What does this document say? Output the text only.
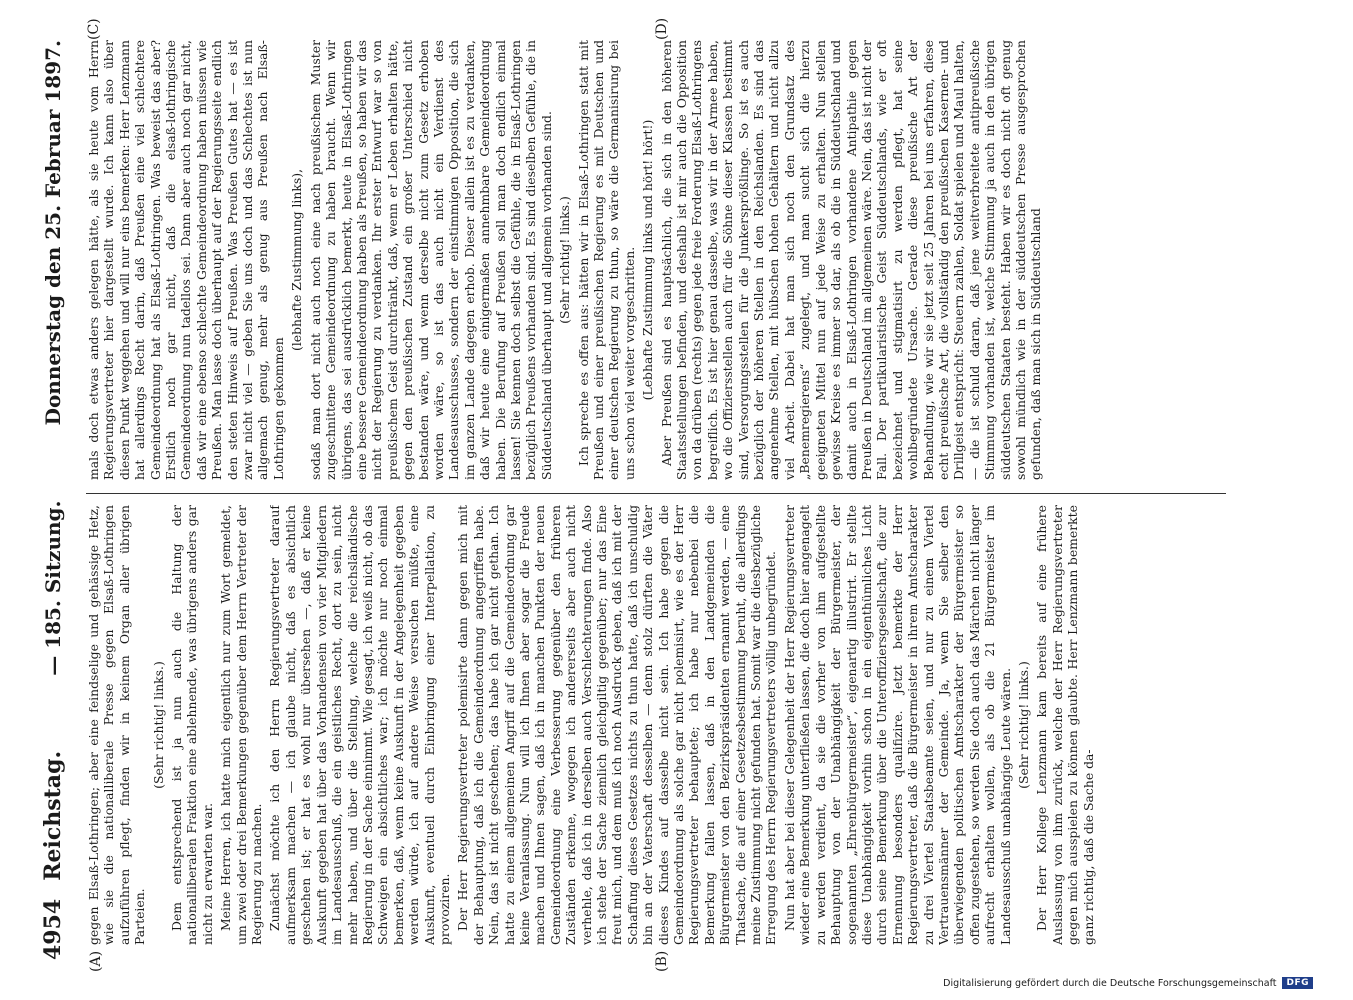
4954
Reichstag.
— 185. Sitzung.
Donnerstag den 25. Februar 1897.
(A)	(B)
(C)	(D)

gegen Elsaß-Lothringen; aber eine feindselige und gehässige Hetz, wie sie die nationalliberale Presse gegen Elsaß-Lothringen aufzuführen pflegt, finden wir in keinem Organ aller übrigen Parteien.

(Sehr richtig! links.) Dem entsprechend ist ja nun auch die Haltung der nationalliberalen Fraktion eine ablehnende, was übrigens anders gar nicht zu erwarten war. Meine Herren, ich hatte mich eigentlich nur zum Wort gemeldet, um zwei oder drei Bemerkungen gegenüber dem Herrn Vertreter der Regierung zu machen. Zunächst möchte ich den Herrn Regierungsvertreter darauf aufmerksam machen — ich glaube nicht, daß es absichtlich geschehen ist; er hat es wohl nur übersehen —, daß er keine Auskunft gegeben hat über das Vorhandensein von vier Mitgliedern im Landesausschuß, die ein geistliches Recht, dort zu sein, nicht mehr haben, und über die Stellung, welche die reichsländische Regierung in der Sache einnimmt. Wie gesagt, ich weiß nicht, ob das Schweigen ein absichtliches war; ich möchte nur noch einmal bemerken, daß, wenn keine Auskunft in der Angelegenheit gegeben werden würde, ich auf andere Weise versuchen müßte, eine Auskunft, eventuell durch Einbringung einer Interpellation, zu provoziren. Der Herr Regierungsvertreter polemisirte dann gegen mich mit der Behauptung, daß ich die Gemeindeordnung angegriffen habe. Nein, das ist nicht geschehen; das habe ich gar nicht gethan. Ich hatte zu einem allgemeinen Angriff auf die Gemeindeordnung gar keine Veranlassung. Nun will ich Ihnen aber sogar die Freude machen und Ihnen sagen, daß ich in manchen Punkten der neuen Gemeindeordnung eine Verbesserung gegenüber den früheren Zuständen erkenne, wogegen ich andererseits aber auch nicht verhehle, daß ich in derselben auch Verschlechterungen finde. Also ich stehe der Sache ziemlich gleichgiltig gegenüber; nur das Eine freut mich, und dem muß ich noch Ausdruck geben, daß ich mit der Schaffung dieses Gesetzes nichts zu thun hatte, daß ich unschuldig bin an der Vaterschaft desselben — denn stolz dürften die Väter dieses Kindes auf dasselbe nicht sein. Ich habe gegen die Gemeindeordnung als solche gar nicht polemisirt, wie es der Herr Regierungsvertreter behauptete; ich habe nur nebenbei die Bemerkung fallen lassen, daß in den Landgemeinden die Bürgermeister von den Bezirkspräsidenten ernannt werden, — eine Thatsache, die auf einer Gesetzesbestimmung beruht, die allerdings meine Zustimmung nicht gefunden hat. Somit war die diesbezügliche Erregung des Herrn Regierungsvertreters völlig unbegründet. Nun hat aber bei dieser Gelegenheit der Herr Regierungsvertreter wieder eine Bemerkung unterfließen lassen, die doch hier angenagelt zu werden verdient, da sie die vorher von ihm aufgestellte Behauptung von der Unabhängigkeit der Bürgermeister, der sogenannten „Ehrenbürgermeister“, eigenartig illustrirt. Er stellte diese Unabhängigkeit vorhin schon in ein eigenthümliches Licht durch seine Bemerkung über die Unteroffiziersgesellschaft, die zur Ernennung besonders qualifizire. Jetzt bemerkte der Herr Regierungsvertreter, daß die Bürgermeister in ihrem Amtscharakter zu drei Viertel Staatsbeamte seien, und nur zu einem Viertel Vertrauensmänner der Gemeinde. Ja, wenn Sie selber den überwiegenden politischen Amtscharakter der Bürgermeister so offen zugestehen, so werden Sie doch auch das Märchen nicht länger aufrecht erhalten wollen, als ob die 21 Bürgermeister im Landesausschuß unabhängige Leute wären. (Sehr richtig! links.) Der Herr Kollege Lenzmann kam bereits auf eine frühere Auslassung von ihm zurück, welche der Herr Regierungsvertreter gegen mich ausspielen zu können glaubte. Herr Lenzmann bemerkte ganz richtig, daß die Sache da-

mals doch etwas anders gelegen hätte, als sie heute vom Herrn Regierungsvertreter hier dargestellt wurde. Ich kann also über diesen Punkt weggehen und will nur eins bemerken: Herr Lenzmann hat allerdings Recht darin, daß Preußen eine viel schlechtere Gemeindeordnung hat als Elsaß-Lothringen. Was beweist das aber? Erstlich noch gar nicht, daß die elsaß-lothringische Gemeindeordnung nun tadellos sei. Dann aber auch noch gar nicht, daß wir eine ebenso schlechte Gemeindeordnung haben müssen wie Preußen. Man lasse doch überhaupt auf der Regierungsseite endlich den steten Hinweis auf Preußen. Was Preußen Gutes hat — es ist zwar nicht viel — geben Sie uns doch und das Schlechtes ist nun allgemach genug, mehr als genug aus Preußen nach Elsaß-Lothringen gekommen

(lebhafte Zustimmung links), sodaß man dort nicht auch noch eine nach preußischem Muster zugeschnittene Gemeindeordnung zu haben braucht. Wenn wir übrigens, das sei ausdrücklich bemerkt, heute in Elsaß-Lothringen eine bessere Gemeindeordnung haben als Preußen, so haben wir das nicht der Regierung zu verdanken. Ihr erster Entwurf war so von preußischem Geist durchtränkt, daß, wenn er Leben erhalten hätte, gegen den preußischen Zustand ein großer Unterschied nicht bestanden wäre, und wenn derselbe nicht zum Gesetz erhoben worden wäre, so ist das auch nicht ein Verdienst des Landesausschusses, sondern der einstimmigen Opposition, die sich im ganzen Lande dagegen erhob. Dieser allein ist es zu verdanken, daß wir heute eine einigermaßen annehmbare Gemeindeordnung haben. Die Berufung auf Preußen soll man doch endlich einmal lassen! Sie kennen doch selbst die Gefühle, die in Elsaß-Lothringen bezüglich Preußens vorhanden sind. Es sind dieselben Gefühle, die in Süddeutschland überhaupt und allgemein vorhanden sind. (Sehr richtig! links.) Ich spreche es offen aus: hätten wir in Elsaß-Lothringen statt mit Preußen und einer preußischen Regierung es mit Deutschen und einer deutschen Regierung zu thun, so wäre die Germanisirung bei uns schon viel weiter vorgeschritten. (Lebhafte Zustimmung links und hört! hört!) Aber Preußen sind es hauptsächlich, die sich in den höheren Staatsstellungen befinden, und deshalb ist mir auch die Opposition von da drüben (rechts) gegen jede freie Forderung Elsaß-Lothringens begreiflich. Es ist hier genau dasselbe, was wir in der Armee haben, wo die Offiziersstellen auch für die Söhne dieser Klassen bestimmt sind, Versorgungsstellen für die Junkersprößlinge. So ist es auch bezüglich der höheren Stellen in den Reichslanden. Es sind das angenehme Stellen, mit hübschen hohen Gehältern und nicht allzu viel Arbeit. Dabei hat man sich noch den Grundsatz des „Benemregierens“ zugelegt, und man sucht sich die hierzu geeigneten Mittel nun auf jede Weise zu erhalten. Nun stellen gewisse Kreise es immer so dar, als ob die in Süddeutschland und damit auch in Elsaß-Lothringen vorhandene Antipathie gegen Preußen in Deutschland im allgemeinen wäre. Nein, das ist nicht der Fall. Der partikularistische Geist Süddeutschlands, wie er oft bezeichnet und stigmatisirt zu werden pflegt, hat seine wohlbegründete Ursache. Gerade diese preußische Art der Behandlung, wie wir sie jetzt seit 25 Jahren bei uns erfahren, diese echt preußische Art, die vollständig den preußischen Kasernen- und Drillgeist entspricht: Steuern zahlen, Soldat spielen und Maul halten, — die ist schuld daran, daß jene weitverbreitete antipreußische Stimmung vorhanden ist, welche Stimmung ja auch in den übrigen süddeutschen Staaten besteht. Haben wir es doch nicht oft genug sowohl mündlich wie in der süddeutschen Presse ausgesprochen gefunden, daß man sich in Süddeutschland

Digitalisierung gefördert durch die Deutsche Forschungsgemeinschaft	DFG
